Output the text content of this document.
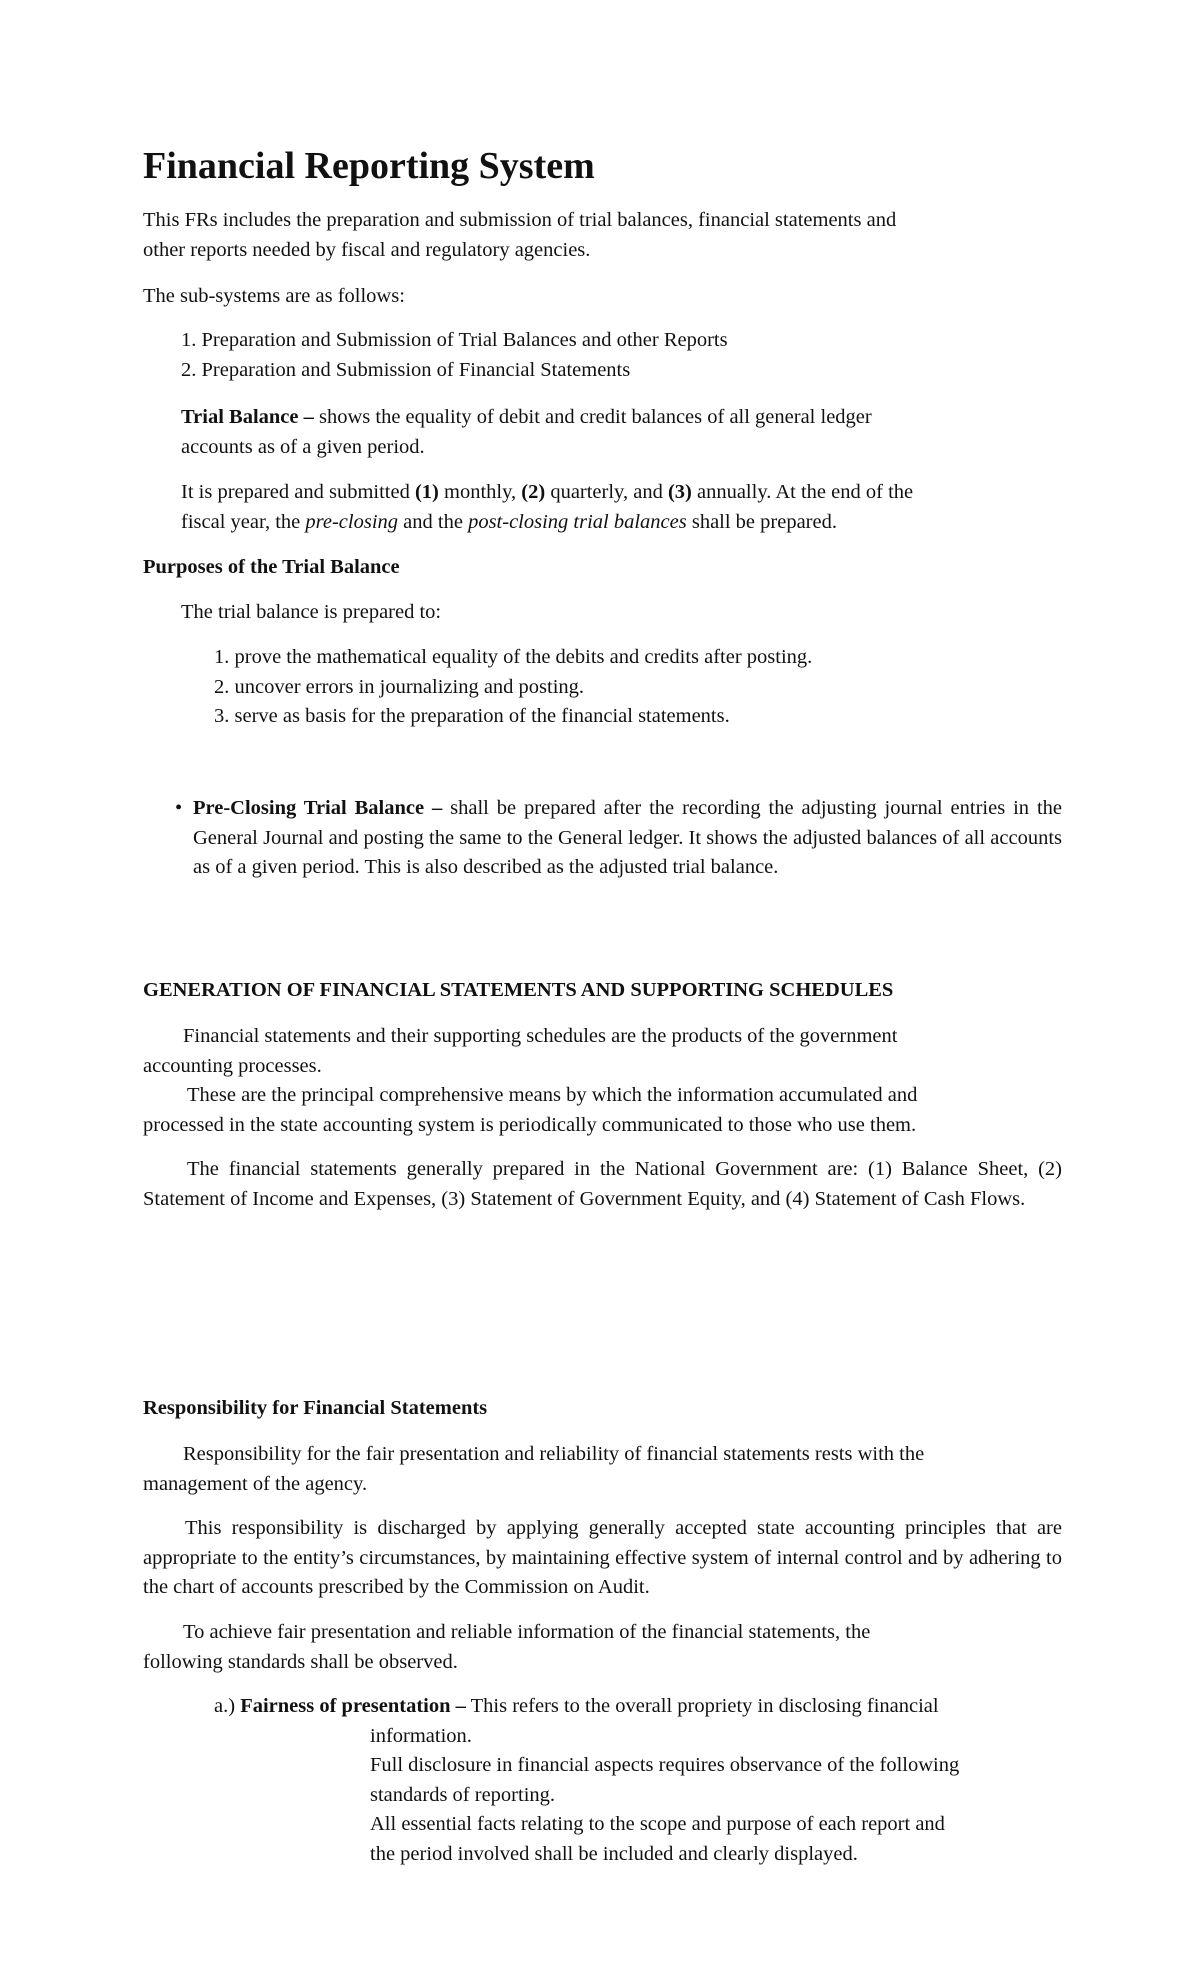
Financial Reporting System
This FRs includes the preparation and submission of trial balances, financial statements and
other reports needed by fiscal and regulatory agencies.
The sub-systems are as follows:
1. Preparation and Submission of Trial Balances and other Reports
2. Preparation and Submission of Financial Statements
Trial Balance – shows the equality of debit and credit balances of all general ledger
accounts as of a given period.
It is prepared and submitted (1) monthly, (2) quarterly, and (3) annually. At the end of the
fiscal year, the pre-closing and the post-closing trial balances shall be prepared.
Purposes of the Trial Balance
The trial balance is prepared to:
1. prove the mathematical equality of the debits and credits after posting.
2. uncover errors in journalizing and posting.
3. serve as basis for the preparation of the financial statements.
• Pre-Closing Trial Balance – shall be prepared after the recording the adjusting journal entries in the General Journal and posting the same to the General ledger. It shows the adjusted balances of all accounts as of a given period. This is also described as the adjusted trial balance.
GENERATION OF FINANCIAL STATEMENTS AND SUPPORTING SCHEDULES
Financial statements and their supporting schedules are the products of the government
accounting processes.
These are the principal comprehensive means by which the information accumulated and
processed in the state accounting system is periodically communicated to those who use them.
The financial statements generally prepared in the National Government are: (1) Balance Sheet, (2) Statement of Income and Expenses, (3) Statement of Government Equity, and (4) Statement of Cash Flows.
Responsibility for Financial Statements
Responsibility for the fair presentation and reliability of financial statements rests with the
management of the agency.
This responsibility is discharged by applying generally accepted state accounting principles that are appropriate to the entity’s circumstances, by maintaining effective system of internal control and by adhering to the chart of accounts prescribed by the Commission on Audit.
To achieve fair presentation and reliable information of the financial statements, the
following standards shall be observed.
a.) Fairness of presentation – This refers to the overall propriety in disclosing financial
information.
Full disclosure in financial aspects requires observance of the following
standards of reporting.
All essential facts relating to the scope and purpose of each report and
the period involved shall be included and clearly displayed.
